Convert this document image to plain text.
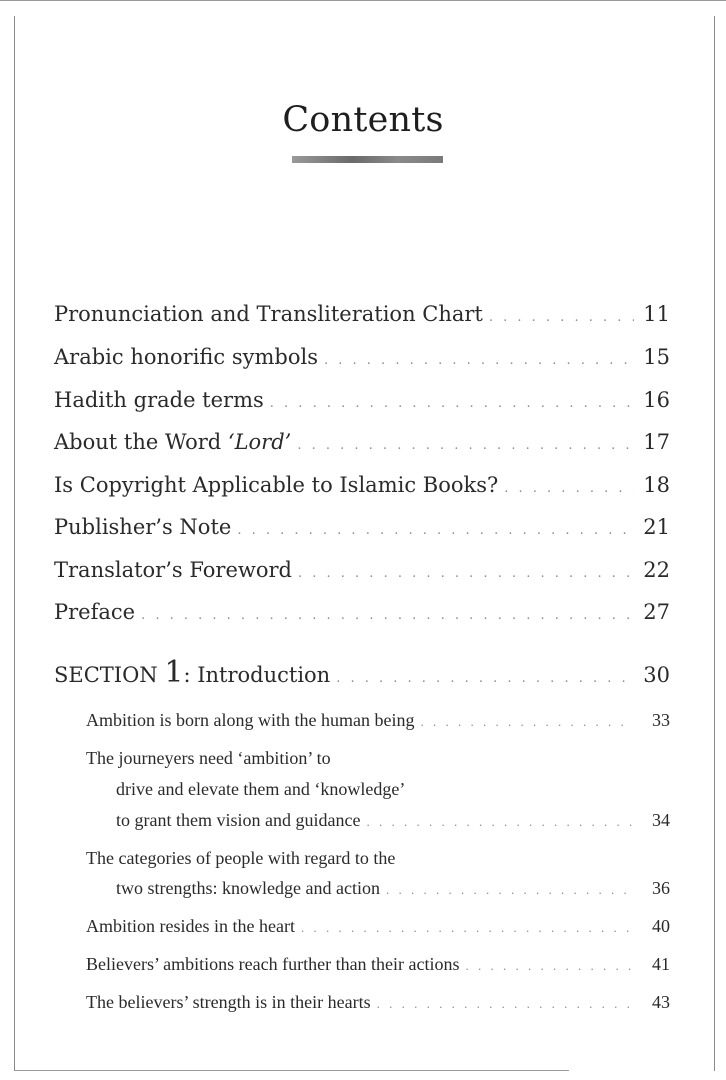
Contents
Pronunciation and Transliteration Chart . . .	11
Arabic honorific symbols . . .	15
Hadith grade terms . . .	16
About the Word ‘Lord’ . . .	17
Is Copyright Applicable to Islamic Books? . . .	18
Publisher’s Note . . .	21
Translator’s Foreword . . .	22
Preface . . .	27
SECTION 1: Introduction . . .	30
Ambition is born along with the human being . . .	33
The journeyers need ‘ambition’ to
drive and elevate them and ‘knowledge’
to grant them vision and guidance . . .	34
The categories of people with regard to the
two strengths: knowledge and action . . .	36
Ambition resides in the heart . . .	40
Believers’ ambitions reach further than their actions . . .	41
The believers’ strength is in their hearts . . .	43
